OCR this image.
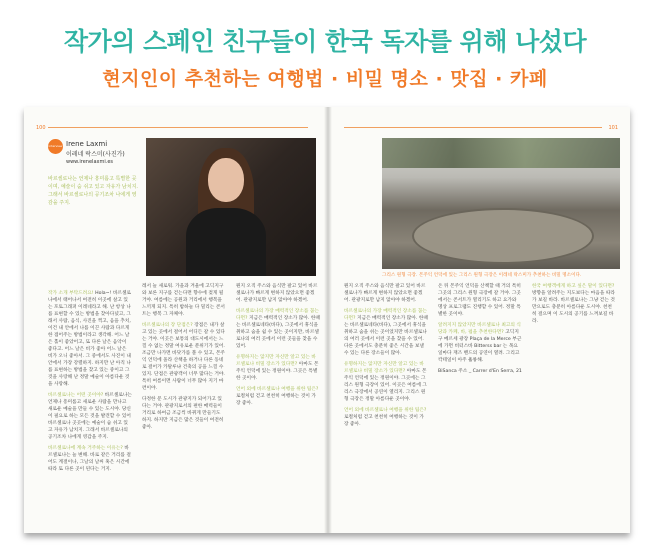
작가의 스페인 친구들이 한국 독자를 위해 나섰다
현지인이 추천하는 여행법 · 비밀 명소 · 맛집 · 카페
100
interview Irene Laxmi
이레네 락스미(사진가)
www.irenelaxmi.es
바르셀로나는 언제나 흥미롭고 특별한 곳이며, 예술이 숨 쉬고 있고 자유가 남치지. 그래서 바르셀로나의 공기조차 나에게 영감을 주지.

작가 소개 부탁드려요! Hola~! 바르셀로나에서 태어나서 여전히 이곳에 살고 있는 포토그래퍼 이레네라고 해. 난 항상 나를 표현할 수 있는 방법을 찾아다녔고, 그래서 사람, 음식, 사진을 찍고, 음을 추치, 이건 내 안에서 나를 이끈 사람과 다르게 한 접어주는 방법이라고 생각해. 어느 날은 홀이 좋았어고, 또 다른 날은 음악이 좋다고. 어느 날은 비가 좋아 어느 날은 비가 오니 좋아서. 그 중에서도 사진이 내 안에서 가장 강렬하지. 하지만 난 아직 나를 표현하는 방법을 찾고 있는 중이고 그것을 사랑해 난 정말 예술이 아름다운 것을 사랑해.

바르셀로나는 어떤 곳이야? 바르셀로나는 언제나 흥미롭고 새로운 사람을 만나고 새로운 예술을 만들 수 있는 도시야. 당신이 필요로 하는 모든 것을 발견할 수 있어 바르셀로나 곳곳에는 예술이 숨 쉬고 있고 자유가 남치지. 그래서 바르셀로나의 공기조차 나에게 영감을 주지.

바르셀로나에 계속 거주하는 이유는? 바르셀로나는 늘 변해. 바로 같은 거리를 걸어도 계절이나, 그날의 날씨 혹은 시간에 따라 또 다른 곳이 된다는 거지.

레서 늘 새로워. 가을과 겨울에 고딕지구와 보른 지구를 걷는다면 향수에 젖게 될 거야. 여름에는 공원과 거리에서 행복을 느끼게 되지. 특히 밤하늘 다 밀리는 콘서트는 행복 그 자체야.

바르셀로나의 장 단점은? 장점은 내가 살고 있는 곳에서 걸어서 어디든 갈 수 있다는 거야. 이곳은 보통의 대도시에서는 느낄 수 없는 정말 여유로운 분위기가 있어. 조금만 나가면 바닷가를 볼 수 있고, 몬주익 언덕에 올라 산책을 하거나 다른 동네로 걸어가 카탈루냐 건축의 공을 느낄 수 있지. 단점은 관광객이 너무 많다는 거야. 특히 여름이면 사람이 너무 많아 지기 마련이야.

다정한 문 도시가 관광지가 되어가고 있다는 거야. 관광지로서의 편한 매력들이 거리로 하여금 조금씩 바뀌게 만들기도 하지. 하지만 지금은 많은 것들이 여전히 좋아.

뭔지 오직 주스와 음식만 팔고 있어 바르셀로나가 빠르게 변하지 않았으면 좋겠어. 관광지로만 남지 않아야 하겠어.

바르셀로나의 가장 매력적인 장소를 꼽는다면? 지금은 매력적인 장소가 많아. 한때는 바르셀로네타(바다), 그곳에서 휴식을 취하고 숨을 쉴 수 있는 곳이지만, 바르셀로나의 여러 곳에서 이런 곳들을 찾을 수 있어.

유명하지는 않지만 자신만 알고 있는 바르셀로나 비밀 장소가 있다면? 아마도 몬주익 언덕에 있는 정원이야. 그곳은 특별한 곳이야.

언어 외에 바르셀로나 여행을 위한 팁은? 로컬처럼 걷고 천천히 여행하는 것이 가장 좋아.

101
그리스 원형 극장. 몬주익 언덕에 있는 그리스 원형 극장은 이레네 락스미가 추천하는 비밀 명소이다.

뭔지 오직 주스와 음식만 팔고 있어 바르셀로나가 빠르게 변하지 않았으면 좋겠어. 관광지로만 남지 않아야 하겠어.

바르셀로나의 가장 매력적인 장소를 꼽는다면? 지금은 매력적인 장소가 많아. 한때는 바르셀로네타(바다), 그곳에서 휴식을 취하고 숨을 쉬는 곳이었지만 바르셀로나의 여러 곳에서 이런 곳을 찾을 수 있어. 다른 곳에서도 충분히 좋은 시간을 보낼 수 있는 다른 장소들이 많아.

유명하지는 않지만 자신만 알고 있는 바르셀로나 비밀 장소가 있다면? 아마도 몬주익 언덕에 있는 정원이야. 그곳에는 그리스 원형 극장이 있어. 이곳은 여름에 그리스 극장에서 공연이 열리지. 그리스 원형 극장은 정말 아름다운 곳이야.

언어 외에 바르셀로나 여행을 위한 팁은? 로컬처럼 걷고 천천히 여행하는 것이 가장 좋아.

온 뒤 몬주익 언덕을 산책할 때 거의 특히 그곳의 그리스 원형 극장에 갈 거야. 그곳에서는 콘서트가 열리기도 하고 요가와 명상 프로그램도 진행할 수 있어. 정말 특별한 곳이야.

알려지지 않았지만 바르셀로나 최고의 식당과 카페, 바, 펍을 추천한다면? 고딕지구 메르세 광장 Plaça de la Merce 부근에 가면 비터스바 Bitterss bar 는 목요일마다 재즈 밴드의 공연이 열려. 그리고 칵테일이 아주 훌륭해.

BiSanca 주소 _ Carrer d'En Serra, 21

한국 여행객에게 하고 싶은 말이 있다면? 방향을 알려주는 지도보다는 마음을 따라가 보길 바라. 바르셀로나는 그냥 걷는 것만으로도 충분히 아름다운 도시야. 천천히 걸으며 이 도시의 공기를 느껴보길 바라.
